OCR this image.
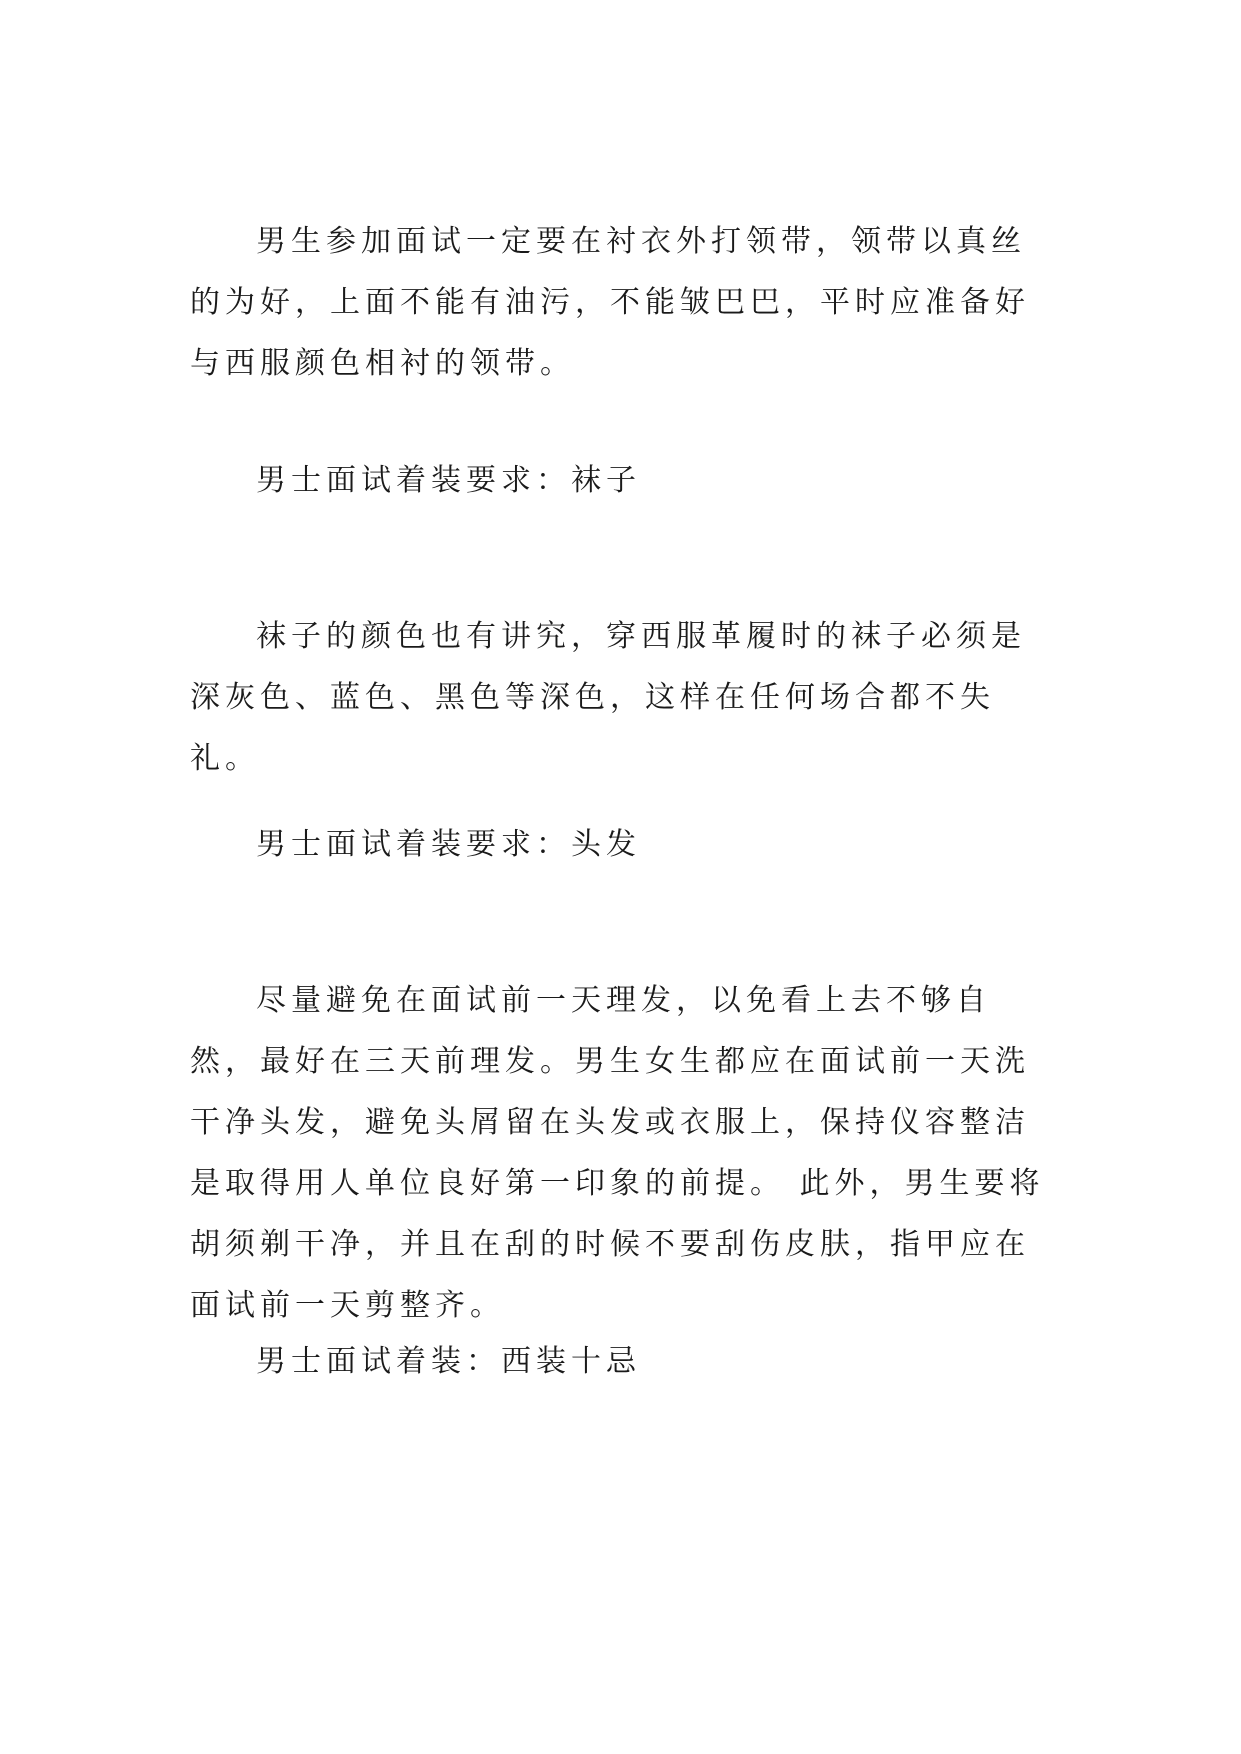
男生参加面试一定要在衬衣外打领带，领带以真丝的为好，上面不能有油污，不能皱巴巴，平时应准备好与西服颜色相衬的领带。

男士面试着装要求：袜子

袜子的颜色也有讲究，穿西服革履时的袜子必须是深灰色、蓝色、黑色等深色，这样在任何场合都不失礼。

男士面试着装要求：头发

尽量避免在面试前一天理发，以免看上去不够自然，最好在三天前理发。男生女生都应在面试前一天洗干净头发，避免头屑留在头发或衣服上，保持仪容整洁是取得用人单位良好第一印象的前提。 此外，男生要将胡须剃干净，并且在刮的时候不要刮伤皮肤，指甲应在面试前一天剪整齐。

男士面试着装：西装十忌
